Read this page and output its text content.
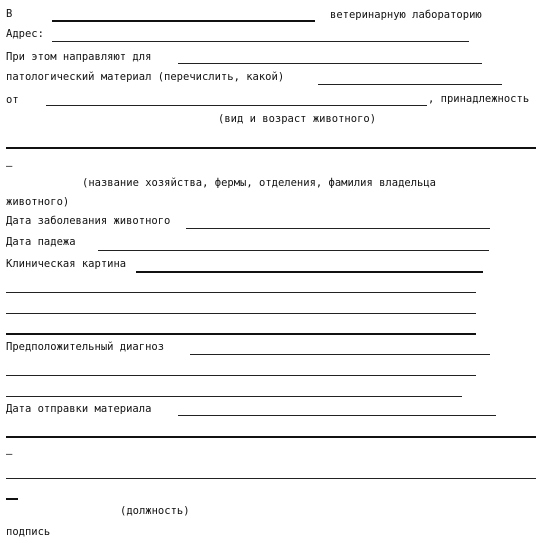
В	ветеринарную лабораторию
Адрес:
При этом направляют для
патологический материал (перечислить, какой)
от	, принадлежность
(вид и возраст животного)
–
(название хозяйства, фермы, отделения, фамилия владельца
животного)
Дата заболевания животного
Дата падежа
Клиническая картина
Предположительный диагноз
Дата отправки материала
–
(должность)
подпись
